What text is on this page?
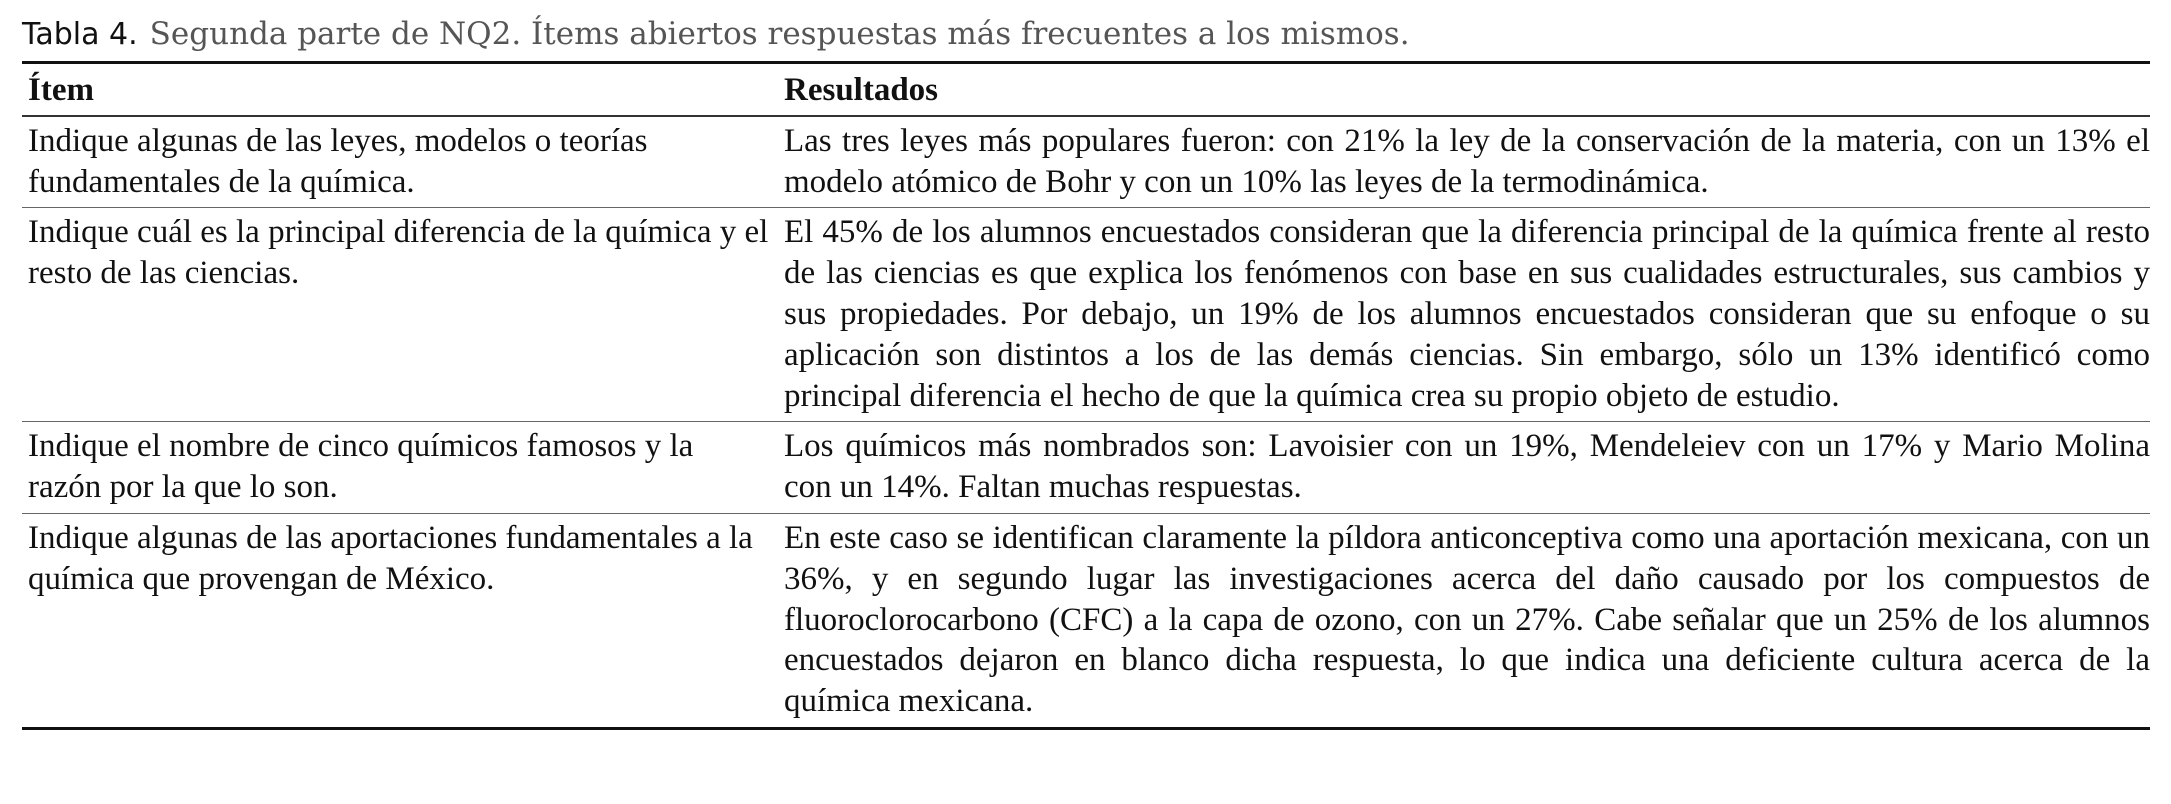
Tabla 4. Segunda parte de NQ2. Ítems abiertos respuestas más frecuentes a los mismos.
Ítem	Resultados
Indique algunas de las leyes, modelos o teorías fundamentales de la química.	Las tres leyes más populares fueron: con 21% la ley de la conservación de la materia, con un 13% el modelo atómico de Bohr y con un 10% las leyes de la termodinámica.
Indique cuál es la principal diferencia de la química y el resto de las ciencias.	El 45% de los alumnos encuestados consideran que la diferencia principal de la química frente al resto de las ciencias es que explica los fenómenos con base en sus cualidades estructurales, sus cambios y sus propiedades. Por debajo, un 19% de los alumnos encuestados consideran que su enfoque o su aplicación son distintos a los de las demás ciencias. Sin embargo, sólo un 13% identificó como principal diferencia el hecho de que la química crea su propio objeto de estudio.
Indique el nombre de cinco químicos famosos y la razón por la que lo son.	Los químicos más nombrados son: Lavoisier con un 19%, Mendeleiev con un 17% y Mario Molina con un 14%. Faltan muchas respuestas.
Indique algunas de las aportaciones fundamentales a la química que provengan de México.	En este caso se identifican claramente la píldora anticonceptiva como una aportación mexicana, con un 36%, y en segundo lugar las investigaciones acerca del daño causado por los compuestos de fluoroclorocarbono (CFC) a la capa de ozono, con un 27%. Cabe señalar que un 25% de los alumnos encuestados dejaron en blanco dicha respuesta, lo que indica una deficiente cultura acerca de la química mexicana.
